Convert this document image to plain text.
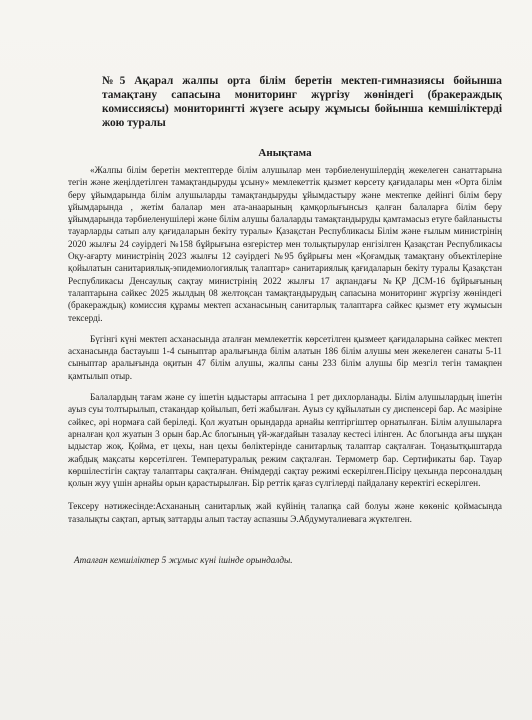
№5 Ақарал жалпы орта білім беретін мектеп-гимназиясы бойынша тамақтану сапасына мониторинг жүргізу жөніндегі (бракераждық комиссиясы) мониторингті жүзеге асыру жұмысы бойынша кемшіліктерді жою туралы

Анықтама

«Жалпы білім беретін мектептерде білім алушылар мен тәрбиеленушілердің жекелеген санаттарына тегін және жеңілдетілген тамақтандыруды ұсыну» мемлекеттік қызмет көрсету қағидалары мен «Орта білім беру ұйымдарында білім алушыларды тамақтандыруды ұйымдастыру және мектепке дейінгі білім беру ұйымдарында , жетім балалар мен ата-анаарының қамқорлығынсыз қалған балаларға білім беру ұйымдарында тәрбиеленушілері және білім алушы балаларды тамақтандыруды қамтамасыз етуге байланысты тауарларды сатып алу қағидаларын бекіту туралы» Қазақстан Республикасы Білім және ғылым министрінің 2020 жылғы 24 сәуірдегі №158 бұйрығына өзгерістер мен толықтырулар енгізілген Қазақстан Республикасы Оқу-ағарту министрінің 2023 жылғы 12 сәуірдегі №95 бұйрығы мен «Қоғамдық тамақтану объектілеріне қойылатын санитариялық-эпидемиологиялық талаптар» санитариялық қағидаларын бекіту туралы Қазақстан Республикасы Денсаулық сақтау министрінің 2022 жылғы 17 ақпандағы №ҚР ДСМ-16 бұйрығының талаптарына сәйкес 2025 жылдың 08 желтоқсан тамақтандырудың сапасына мониторинг жүргізу жөніндегі (бракераждық) комиссия құрамы мектеп асханасының санитарлық талаптарға сәйкес қызмет ету жұмысын тексерді.

Бүгінгі күні мектеп асханасында аталған мемлекеттік көрсетілген қызмеет қағидаларына сәйкес мектеп асханасында бастауыш 1-4 сыныптар аралығында білім алатын 186 білім алушы мен жекелеген санаты 5-11 сыныптар аралығында оқитын 47 білім алушы, жалпы саны 233 білім алушы бір мезгіл тегін тамақпен қамтылып отыр.

Балалардың тағам және су ішетін ыдыстары аптасына 1 рет дихлорланады. Білім алушылардың ішетін ауыз суы толтырылып, стакандар қойылып, беті жабылған. Ауыз су құйылатын су диспенсері бар. Ас мәзіріне сәйкес, әрі нормаға сай беріледі. Қол жуатын орындарда арнайы кептіргіштер орнатылған. Білім алушыларға арналған қол жуатын 3 орын бар.Ас блогының үй-жағдайын тазалау кестесі ілінген. Ас блогында ағы шұқан ыдыстар жоқ. Қойма, ет цехы, нан цехы бөліктерінде санитарлық талаптар сақталған. Тоңазытқыштарда жабдық мақсаты көрсетілген. Температуралық режим сақталған. Термометр бар. Сертификаты бар. Тауар көршілестігін сақтау талаптары сақталған. Өнімдерді сақтау режимі ескерілген.Пісіру цехында персоналдың қолын жуу үшін арнайы орын қарастырылған. Бір реттік қағаз сүлгілерді пайдалану керектігі ескерілген.

Тексеру нәтижесінде:Асхананың санитарлық жай күйінің талапқа сай болуы және көкөніс қоймасында тазалықты сақтап, артық заттарды алып тастау аспазшы Э.Абдумуталиевага жүктелген.

Аталған кемшіліктер 5 жұмыс күні ішінде орындалды.
